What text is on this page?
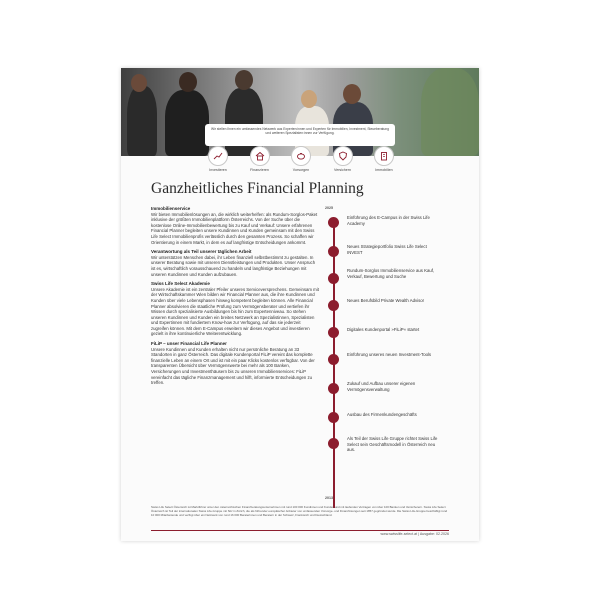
Wir stellen Ihnen ein umfassendes Netzwerk aus Experten:innen und Experten für Immobilien, Investment, Steueberatung und weiteren Spezialisten:innen zur Verfügung.
Investieren	Finanzieren	Vorsorgen	Versichern	Immobilien
Ganzheitliches Financial Planning
Immobilienservice

Wir bieten Immobilienlösungen an, die wirklich weiterhelfen: als Rundum-Sorglos-Paket inklusive der größten Immobilienplattform Österreichs. Von der Suche über die kostenlose Online-Immobilienbewertung bis zu Kauf und Verkauf: Unsere erfahrenen Financial Planner begleiten unsere Kundinnen und Kunden gemeinsam mit den Swiss Life Select Immobilienprofis verlässlich durch den gesamten Prozess. So schaffen wir Orientierung in einem Markt, in dem es auf langfristige Entscheidungen ankommt.

Verantwortung als Teil unserer täglichen Arbeit

Wir unterstützen Menschen dabei, ihr Leben finanziell selbstbestimmt zu gestalten. In unserer Beratung sowie mit unseren Dienstleistungen und Produkten. Unser Anspruch ist es, wirtschaftlich vorausschauend zu handeln und langfristige Beziehungen mit unseren Kundinnen und Kunden aufzubauen.

Swiss Life Select Akademie

Unsere Akademie ist ein zentraler Pfeiler unseres Serviceversprechens. Gemeinsam mit der Wirtschaftskammer Wien bilden wir Financial Planner aus, die ihre Kundinnen und Kunden über viele Lebensphasen hinweg kompetent begleiten können. Alle Financial Planner absolvieren die staatliche Prüfung zum Vermögensberater und vertiefen ihr Wissen durch spezialisierte Ausbildungen bis hin zum Expertenniveau. So stehen unseren Kundinnen und Kunden ein breites Netzwerk an Spezialistinnen, Spezialisten und Expertinnen mit fundiertem Know-how zur Verfügung, auf das sie jederzeit zugreifen können. Mit dem E-Campus erweitern wir dieses Angebot und investieren gezielt in ihre kontinuierliche Weiterentwicklung.

FiLiP – unser Financial Life Planner

Unsere Kundinnen und Kunden erhalten nicht nur persönliche Beratung an 33 Standorten in ganz Österreich. Das digitale Kundenportal FiLiP vereint das komplette finanzielle Leben an einem Ort und ist mit ein paar Klicks kostenlos verfügbar. Von der transparenten Übersicht über Vermögenswerte bei mehr als 100 Banken, Versicherungen und Investmenthäusern bis zu unseren Immobilienservices: FiLiP vereinfacht das tägliche Finanzmanagement und hilft, informierte Entscheidungen zu treffen.

2025
Einführung des E-Campus in der Swiss Life Academy
Neues Strategieportfolio Swiss Life Select INVEST
Rundum-Sorglos Immobilienservice aus Kauf, Verkauf, Bewertung und Suche
Neues Berufsbild Private Wealth Advisor
Digitales Kundenportal »FiLiP« startet
Einführung unseres neuen Investment-Tools
Zukauf und Aufbau unserer eigenen Vermögensverwaltung
Ausbau des Firmenkundengeschäfts
Als Teil der Swiss Life Gruppe richtet Swiss Life Select sein Geschäftsmodell in Österreich neu aus.
2013
Swiss Life Select Österreich ist Marktführer unter den österreichischen Finanzberatungsunternehmen mit rund 100 000 Kundinnen und Kunden und mit laufenden Vertragen von über 100 Banken und Versicherern. Swiss Life Select Österreich ist Teil der internationalen Swiss Life-Gruppe mit Sitz in Zürich, die als führender europäischer Anbieter von umfassenden Vorsorge- und Finanzlösungen seit 1857 gegründet wurde. Die Swiss Life-Gruppe beschäftigt rund 10 000 Mitarbeitende und verfügt über ein Netzwerk von rund 16 000 Beraterinnen und Beratern in der Schweiz, Frankreich und Deutschland.
www.swisslife-select.at | Ausgabe: 02.2026
